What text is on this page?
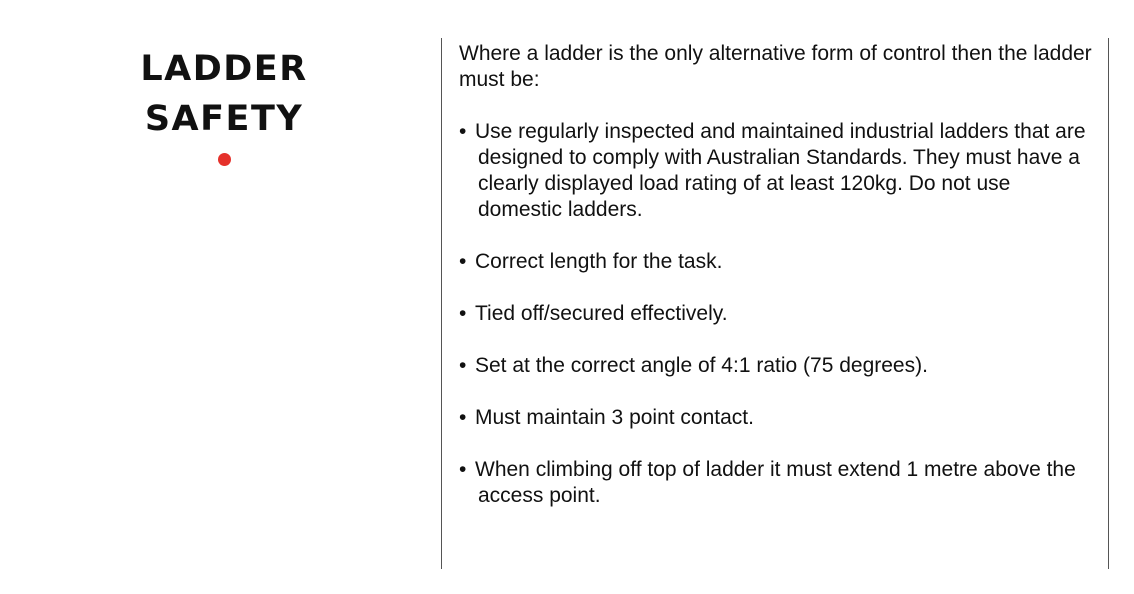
LADDER
SAFETY

Where a ladder is the only alternative form of control then the ladder must be:

• Use regularly inspected and maintained industrial ladders that are designed to comply with Australian Standards. They must have a clearly displayed load rating of at least 120kg. Do not use domestic ladders.

• Correct length for the task.

• Tied off/secured effectively.

• Set at the correct angle of 4:1 ratio (75 degrees).

• Must maintain 3 point contact.

• When climbing off top of ladder it must extend 1 metre above the access point.
